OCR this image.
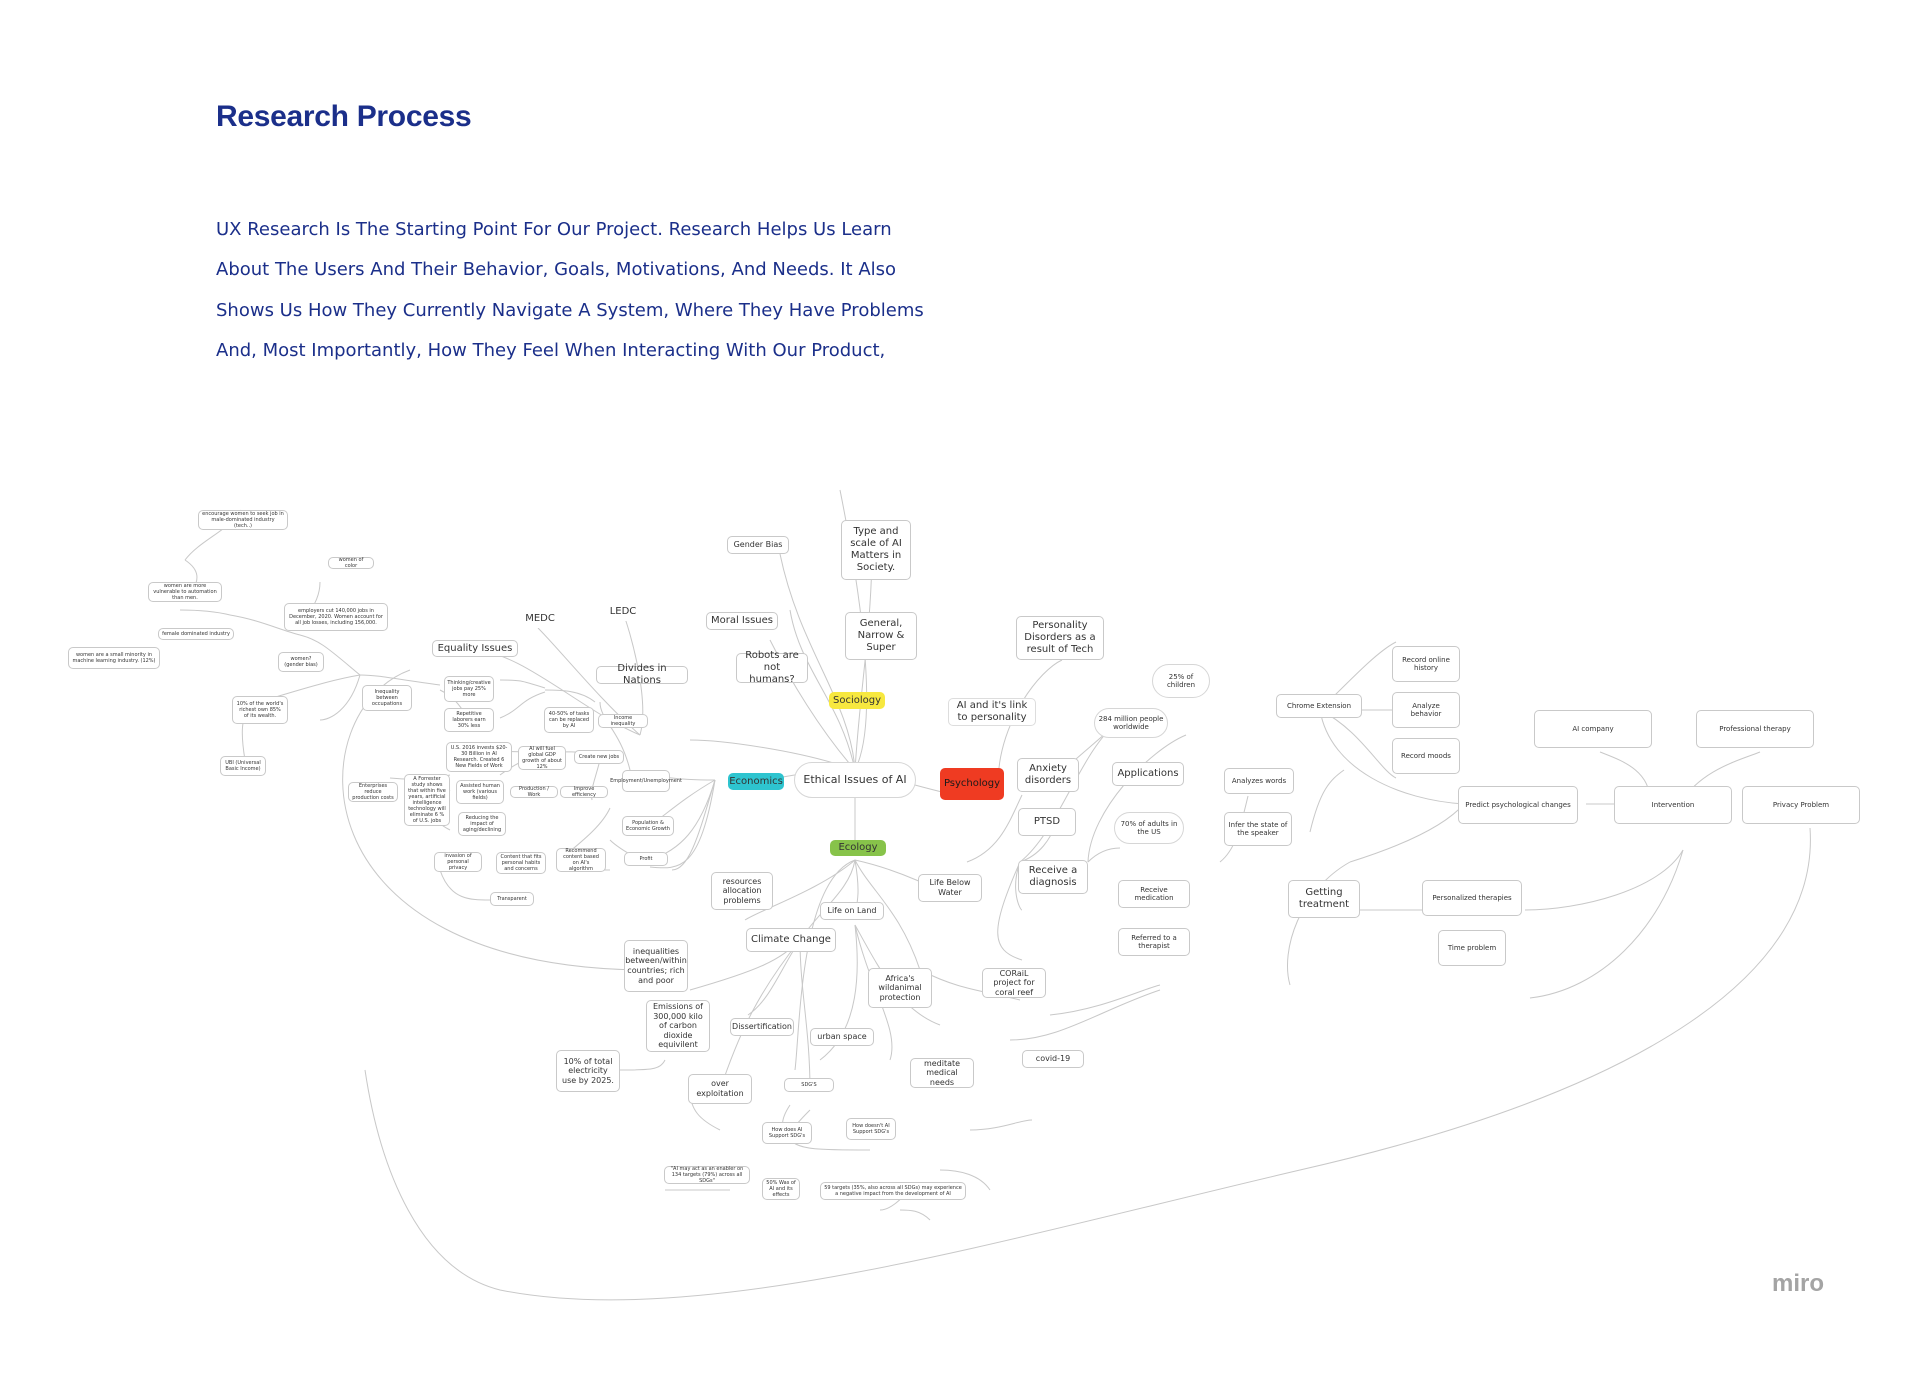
Research Process
UX Research Is The Starting Point For Our Project. Research Helps Us Learn
About The Users And Their Behavior, Goals, Motivations, And Needs. It Also
Shows Us How They Currently Navigate A System, Where They Have Problems
And, Most Importantly, How They Feel When Interacting With Our Product,
Ethical Issues of AI
Sociology
Economics	Psychology
Ecology
Gender Bias
Type and scale of AI Matters in Society.
General, Narrow & Super
Moral Issues
Robots are not humans?
MEDC
LEDC
Equality Issues
Divides in Nations
encourage women to seek job in male-dominated industry (tech..)
women of color
women are more vulnerable to automation than men.
employers cut 140,000 jobs in December, 2020. Women account for all job losses, including 156,000.
female dominated industry
women are a small minority in machine learning industry. (12%)	women? (gender bias)
Inequality between occupations
Thinking/creative jobs pay 25% more
Repetitive laborers earn 30% less
40-50% of tasks can be replaced by AI
Income inequality
10% of the world's richest own 85% of its wealth.
UBI (Universal Basic Income)
U.S. 2016 invests $20-30 Billion in AI Research. Created 6 New Fields of Work
AI will fuel global GDP growth of about 12%
Create new jobs
Employment/Unemployment
A Forrester study shows that within five years, artificial intelligence technology will eliminate 6 % of U.S. jobs
Enterprises reduce production costs
Assisted human work (various fields)
Production / Work
Improve efficiency
Reducing the impact of aging/declining
Population & Economic Growth
invasion of personal privacy
Content that fits personal habits and concerns
Recommend content based on AI's algorithm
Profit
Transparent
AI and it's link to personality
Personality Disorders as a result of Tech
25% of children
284 million people worldwide
Anxiety disorders
Applications
PTSD	70% of adults in the US
Receive a diagnosis
Receive medication
Referred to a therapist
Chrome Extension
Record online history
Analyze behavior
Record moods
Analyzes words
Infer the state of the speaker
Getting treatment
Personalized therapies
Time problem
Predict psychological changes	Intervention
AI company	Professional therapy
Privacy Problem
resources allocation problems
Life Below Water
Life on Land
Climate Change
inequalities between/within countries; rich and poor	Africa's wildanimal protection
CORaiL project for coral reef
Emissions of 300,000 kilo of carbon dioxide equivilent
Dissertification
urban space
10% of total electricity use by 2025.
meditate medical needs
covid-19
over exploitation
SDG'S
How does AI Support SDG's
How doesn't AI Support SDG's
"AI may act as an enabler on 134 targets (79%) across all SDGs"	50% Was of AI and its effects
59 targets (35%, also across all SDGs) may experience a negative impact from the development of AI
miro
